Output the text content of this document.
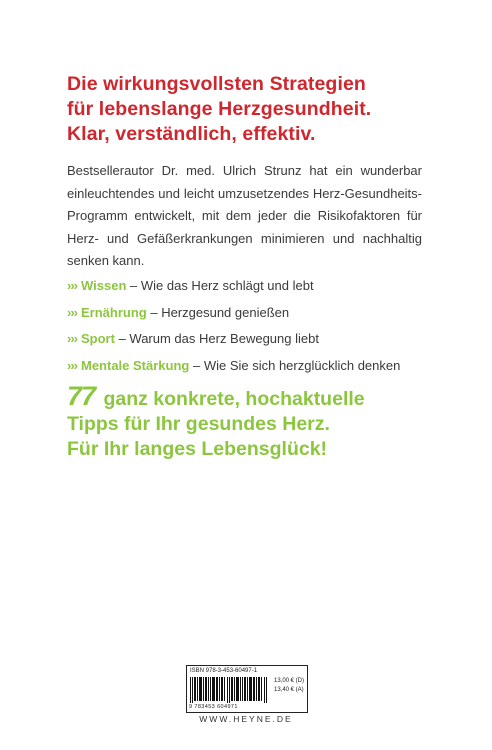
Die wirkungsvollsten Strategien
für lebenslange Herzgesundheit.
Klar, verständlich, effektiv.
Bestsellerautor Dr. med. Ulrich Strunz hat ein wunderbar einleuchtendes und leicht umzusetzendes Herz-Gesundheits-Programm entwickelt, mit dem jeder die Risikofaktoren für Herz- und Gefäßerkrankungen minimieren und nachhaltig senken kann.
››› Wissen – Wie das Herz schlägt und lebt
››› Ernährung – Herzgesund genießen
››› Sport – Warum das Herz Bewegung liebt
››› Mentale Stärkung – Wie Sie sich herzglücklich denken
77 ganz konkrete, hochaktuelle
Tipps für Ihr gesundes Herz.
Für Ihr langes Lebensglück!
ISBN 978-3-453-60497-1
13,00 € (D)
13,40 € (A)
9 783453 604971
WWW.HEYNE.DE
